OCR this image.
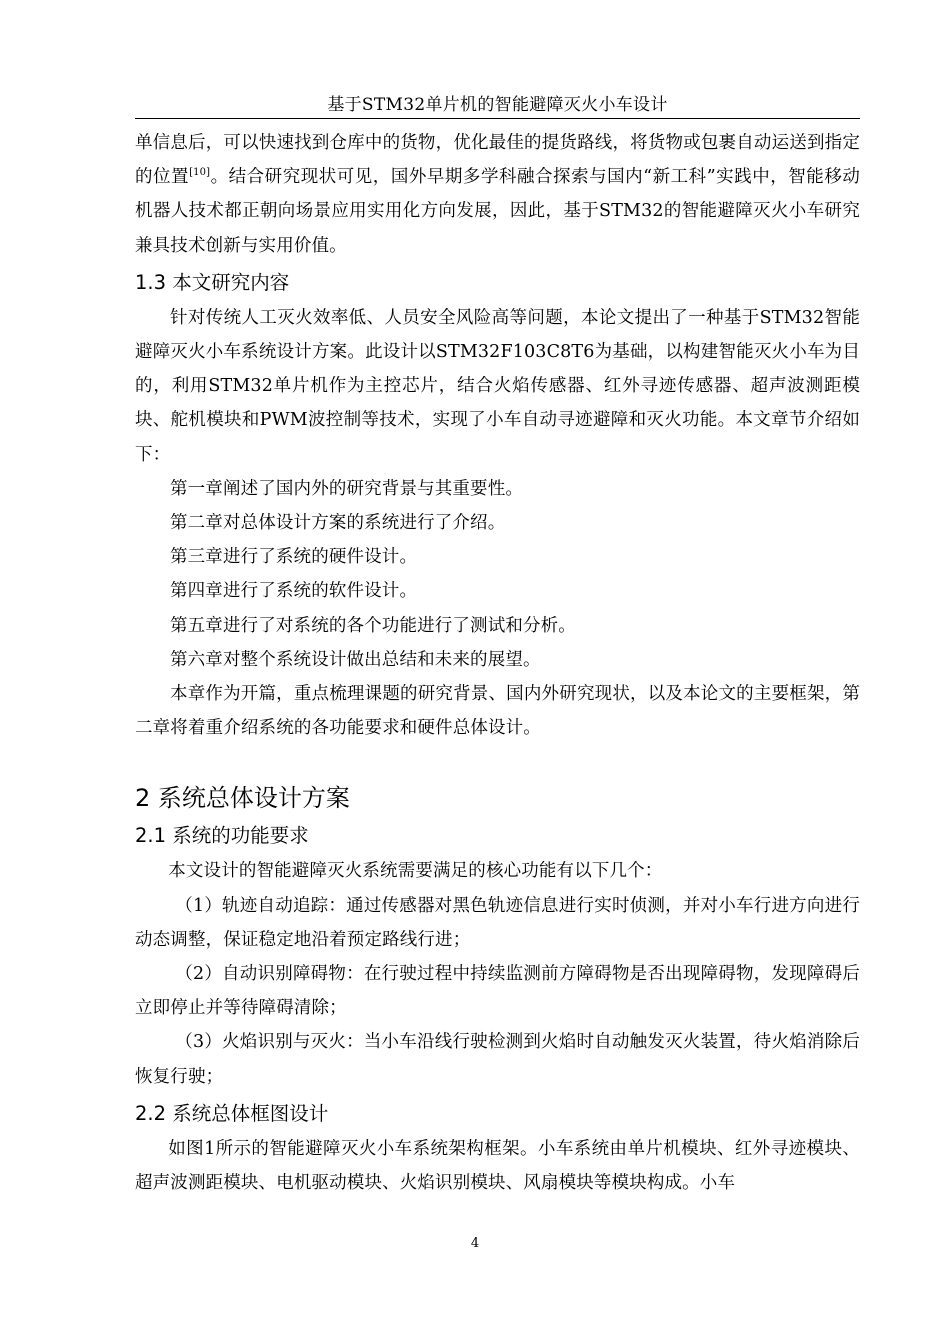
基于STM32单片机的智能避障灭火小车设计

单信息后，可以快速找到仓库中的货物，优化最佳的提货路线，将货物或包裹自动运送到指定的位置[10]。结合研究现状可见，国外早期多学科融合探索与国内“新工科”实践中，智能移动机器人技术都正朝向场景应用实用化方向发展，因此，基于STM32的智能避障灭火小车研究兼具技术创新与实用价值。

1.3 本文研究内容

针对传统人工灭火效率低、人员安全风险高等问题，本论文提出了一种基于STM32智能避障灭火小车系统设计方案。此设计以STM32F103C8T6为基础，以构建智能灭火小车为目的，利用STM32单片机作为主控芯片，结合火焰传感器、红外寻迹传感器、超声波测距模块、舵机模块和PWM波控制等技术，实现了小车自动寻迹避障和灭火功能。本文章节介绍如下：

第一章阐述了国内外的研究背景与其重要性。

第二章对总体设计方案的系统进行了介绍。

第三章进行了系统的硬件设计。

第四章进行了系统的软件设计。

第五章进行了对系统的各个功能进行了测试和分析。

第六章对整个系统设计做出总结和未来的展望。

本章作为开篇，重点梳理课题的研究背景、国内外研究现状，以及本论文的主要框架，第二章将着重介绍系统的各功能要求和硬件总体设计。

2 系统总体设计方案
2.1 系统的功能要求

本文设计的智能避障灭火系统需要满足的核心功能有以下几个：

（1）轨迹自动追踪：通过传感器对黑色轨迹信息进行实时侦测，并对小车行进方向进行动态调整，保证稳定地沿着预定路线行进；

（2）自动识别障碍物：在行驶过程中持续监测前方障碍物是否出现障碍物，发现障碍后立即停止并等待障碍清除；

（3）火焰识别与灭火：当小车沿线行驶检测到火焰时自动触发灭火装置，待火焰消除后恢复行驶；

2.2 系统总体框图设计

如图1所示的智能避障灭火小车系统架构框架。小车系统由单片机模块、红外寻迹模块、超声波测距模块、电机驱动模块、火焰识别模块、风扇模块等模块构成。小车

4
